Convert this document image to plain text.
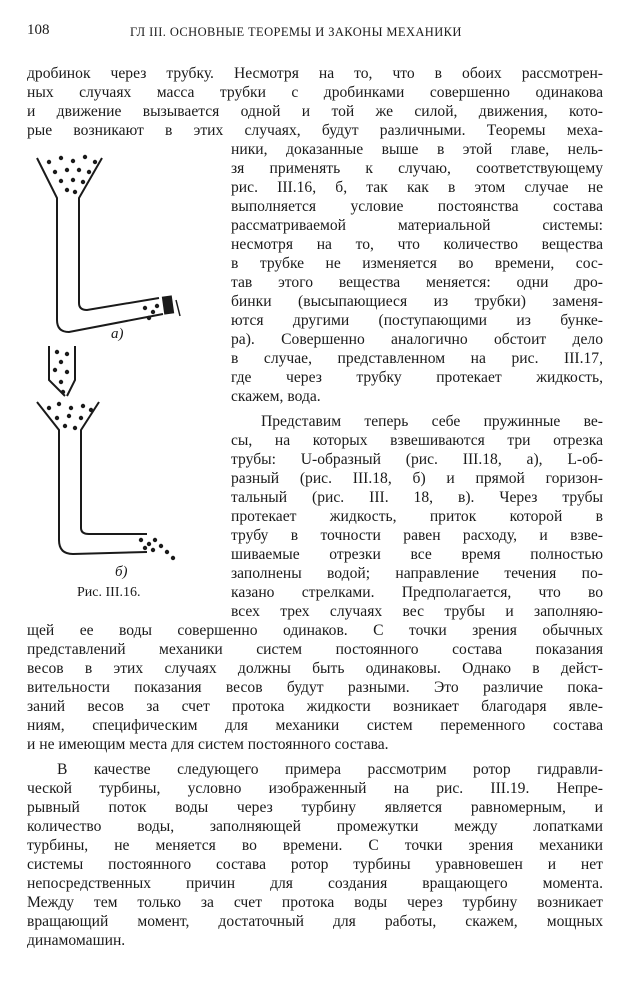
108	ГЛ III. ОСНОВНЫЕ ТЕОРЕМЫ И ЗАКОНЫ МЕХАНИКИ
дробинок через трубку. Несмотря на то, что в обоих рассмотрен-
ных случаях масса трубки с дробинками совершенно одинакова
и движение вызывается одной и той же силой, движения, кото-
рые возникают в этих случаях, будут различными. Теоремы меха-
ники, доказанные выше в этой главе, нель-
зя применять к случаю, соответствующему
рис. III.16, б, так как в этом случае не
выполняется условие постоянства состава
рассматриваемой материальной системы:
несмотря на то, что количество вещества
в трубке не изменяется во времени, сос-
тав этого вещества меняется: одни дро-
бинки (высыпающиеся из трубки) заменя-
ются другими (поступающими из бунке-
ра). Совершенно аналогично обстоит дело
в случае, представленном на рис. III.17,
где через трубку протекает жидкость,
скажем, вода.
Представим теперь себе пружинные ве-
сы, на которых взвешиваются три отрезка
трубы: U-образный (рис. III.18, а), L-об-
разный (рис. III.18, б) и прямой горизон-
тальный (рис. III. 18, в). Через трубы
протекает жидкость, приток которой в
трубу в точности равен расходу, и взве-
шиваемые отрезки все время полностью
заполнены водой; направление течения по-
казано стрелками. Предполагается, что во
всех трех случаях вес трубы и заполняю-
щей ее воды совершенно одинаков. С точки зрения обычных
представлений механики систем постоянного состава показания
весов в этих случаях должны быть одинаковы. Однако в дейст-
вительности показания весов будут разными. Это различие пока-
заний весов за счет протока жидкости возникает благодаря явле-
ниям, специфическим для механики систем переменного состава
и не имеющим места для систем постоянного состава.
В качестве следующего примера рассмотрим ротор гидравли-
ческой турбины, условно изображенный на рис. III.19. Непре-
рывный поток воды через турбину является равномерным, и
количество воды, заполняющей промежутки между лопатками
турбины, не меняется во времени. С точки зрения механики
системы постоянного состава ротор турбины уравновешен и нет
непосредственных причин для создания вращающего момента.
Между тем только за счет протока воды через турбину возникает
вращающий момент, достаточный для работы, скажем, мощных
динамомашин.
а)
б)
Рис. III.16.
